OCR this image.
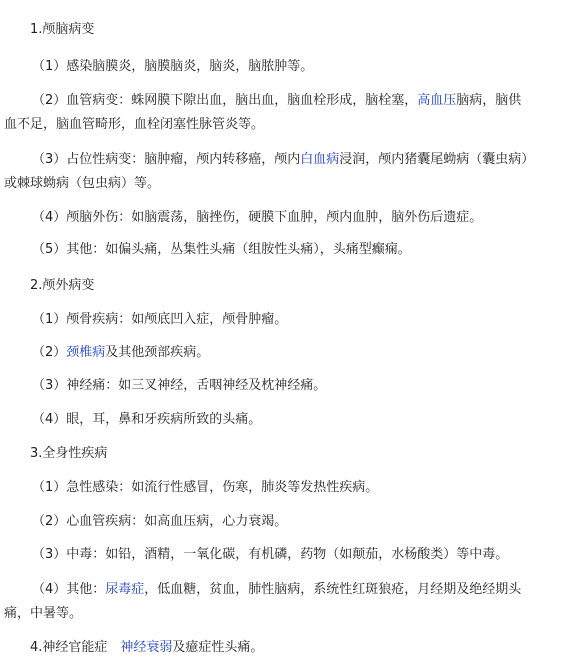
1.颅脑病变
（1）感染脑膜炎，脑膜脑炎，脑炎，脑脓肿等。
（2）血管病变：蛛网膜下隙出血，脑出血，脑血栓形成，脑栓塞，高血压脑病，脑供
血不足，脑血管畸形，血栓闭塞性脉管炎等。
（3）占位性病变：脑肿瘤，颅内转移癌，颅内白血病浸润，颅内猪囊尾蚴病（囊虫病）
或棘球蚴病（包虫病）等。
（4）颅脑外伤：如脑震荡，脑挫伤，硬膜下血肿，颅内血肿，脑外伤后遗症。
（5）其他：如偏头痛，丛集性头痛（组胺性头痛），头痛型癫痫。
2.颅外病变
（1）颅骨疾病：如颅底凹入症，颅骨肿瘤。
（2）颈椎病及其他颈部疾病。
（3）神经痛：如三叉神经，舌咽神经及枕神经痛。
（4）眼，耳，鼻和牙疾病所致的头痛。
3.全身性疾病
（1）急性感染：如流行性感冒，伤寒，肺炎等发热性疾病。
（2）心血管疾病：如高血压病，心力衰竭。
（3）中毒：如铅，酒精，一氧化碳，有机磷，药物（如颠茄，水杨酸类）等中毒。
（4）其他：尿毒症，低血糖，贫血，肺性脑病，系统性红斑狼疮，月经期及绝经期头
痛，中暑等。
4.神经官能症　神经衰弱及癔症性头痛。
